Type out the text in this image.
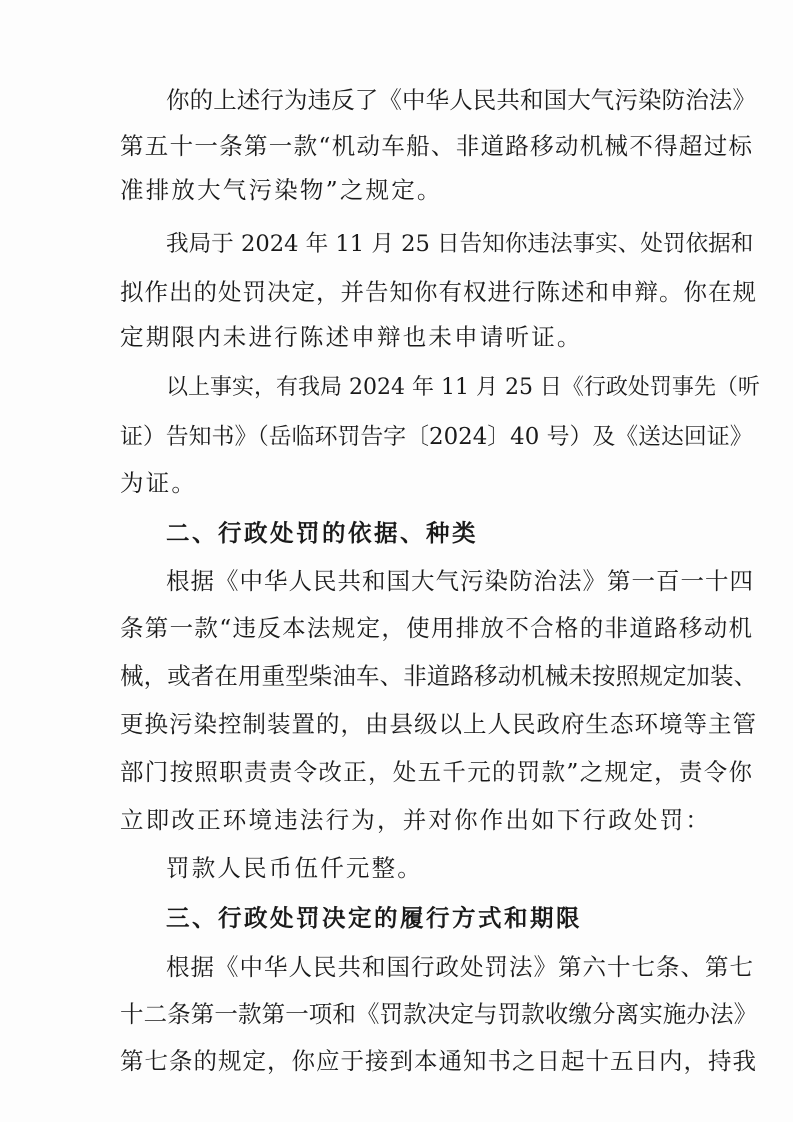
你的上述行为违反了《中华人民共和国大气污染防治法》
第五十一条第一款“机动车船、非道路移动机械不得超过标
准排放大气污染物”之规定。
我局于 2024 年 11 月 25 日告知你违法事实、处罚依据和
拟作出的处罚决定，并告知你有权进行陈述和申辩。你在规
定期限内未进行陈述申辩也未申请听证。
以上事实，有我局 2024 年 11 月 25 日《行政处罚事先（听
证）告知书》（岳临环罚告字〔2024〕40 号）及《送达回证》
为证。
二、行政处罚的依据、种类
根据《中华人民共和国大气污染防治法》第一百一十四
条第一款“违反本法规定，使用排放不合格的非道路移动机
械，或者在用重型柴油车、非道路移动机械未按照规定加装、
更换污染控制装置的，由县级以上人民政府生态环境等主管
部门按照职责责令改正，处五千元的罚款”之规定，责令你
立即改正环境违法行为，并对你作出如下行政处罚：
罚款人民币伍仟元整。
三、行政处罚决定的履行方式和期限
根据《中华人民共和国行政处罚法》第六十七条、第七
十二条第一款第一项和《罚款决定与罚款收缴分离实施办法》
第七条的规定，你应于接到本通知书之日起十五日内，持我
